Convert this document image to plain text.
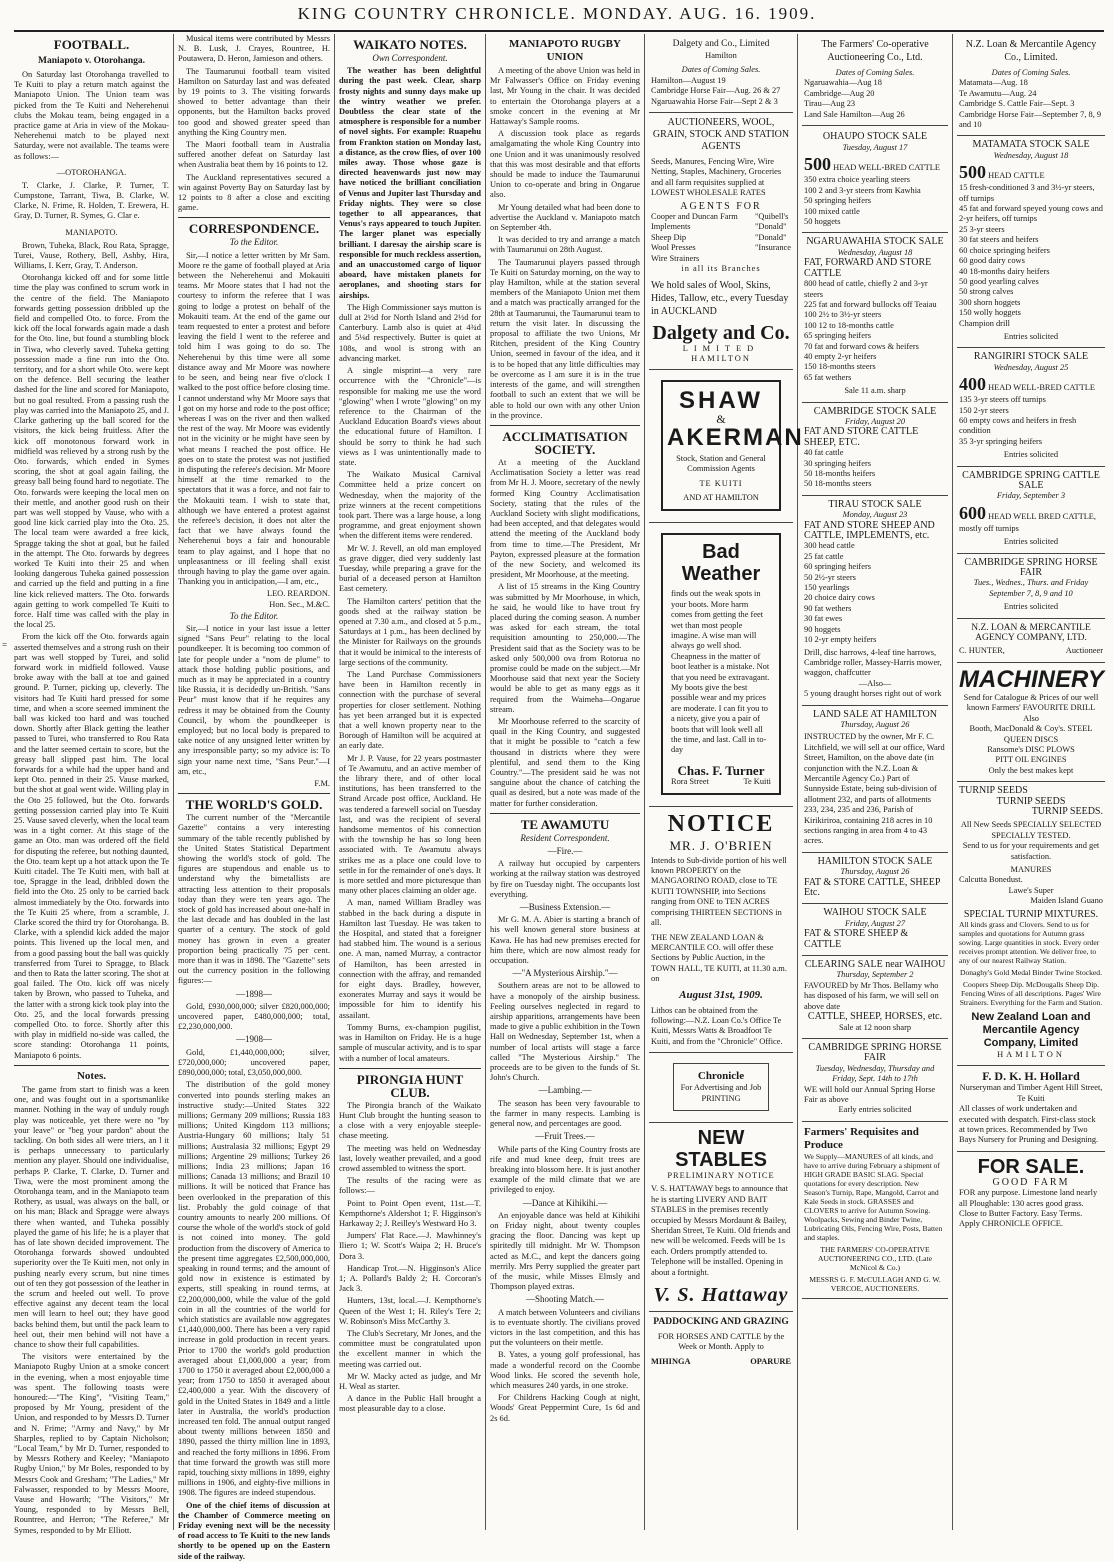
KING COUNTRY CHRONICLE. MONDAY. AUG. 16. 1909.
FOOTBALL.
Maniapoto v. Otorohanga.

On Saturday last Otorohanga travelled to Te Kuiti to play a return match against the Maniapoto Union. The Union team was picked from the Te Kuiti and Neherehenui clubs the Mokau team, being engaged in a practice game at Aria in view of the Mokau-Neherehenui match to be played next Saturday, were not available. The teams were as follows:—

—OTOROHANGA.

T. Clarke, J. Clarke, P. Turner, T. Cumpstone, Tarrant, Tiwa, B. Clarke, W. Clarke, N. Frime, R. Holden, T. Erewera, H. Gray, D. Turner, R. Symes, G. Clar e.

MANIAPOTO.

Brown, Tuheka, Black, Rou Rata, Spragge, Turei, Vause, Rothery, Bell, Ashby, Hira, Williams, I. Kerr, Gray, T. Anderson.

Otorohanga kicked off and for some little time the play was confined to scrum work in the centre of the field. The Maniapoto forwards getting possession dribbled up the field and compelled Oto. to force. From the kick off the local forwards again made a dash for the Oto. line, but found a stumbling block in Tiwa, who cleverly saved. Tuheka getting possession made a fine run into the Oto. territory, and for a short while Oto. were kept on the defence. Bell securing the leather dashed for the line and scored for Maniapoto, but no goal resulted. From a passing rush the play was carried into the Maniapoto 25, and J. Clarke gathering up the ball scored for the visitors, the kick being fruitless. After the kick off monotonous forward work in midfield was relieved by a strong rush by the Oto. forwards, which ended in Symes scoring, the shot at goal again failing, the greasy ball being found hard to negotiate. The Oto. forwards were keeping the local men on their mettle, and another good rush on their part was well stopped by Vause, who with a good line kick carried play into the Oto. 25. The local team were awarded a free kick, Spragge taking the shot at goal, but he failed in the attempt. The Oto. forwards by degrees worked Te Kuiti into their 25 and when looking dangerous Tuheka gained possession and carried up the field and putting in a fine line kick relieved matters. The Oto. forwards again getting to work compelled Te Kuiti to force. Half time was called with the play in the local 25.

From the kick off the Oto. forwards again asserted themselves and a strong rush on their part was well stopped by Turei, and solid forward work in midfield followed. Vause broke away with the ball at toe and gained ground. P. Turner, picking up, cleverly. The visitors had Te Kuiti hard pressed for some time, and when a score seemed imminent the ball was kicked too hard and was touched down. Shortly after Black getting the leather passed to Turei, who transferred to Rou Rata and the latter seemed certain to score, but the greasy ball slipped past him. The local forwards for a while had the upper hand and kept Oto. penned in their 25. Vause marked, but the shot at goal went wide. Willing play in the Oto 25 followed, but the Oto. forwards getting possession carried play into Te Kuiti 25. Vause saved cleverly, when the local team was in a tight corner. At this stage of the game an Oto. man was ordered off the field for disputing the referee, but nothing daunted, the Oto. team kept up a hot attack upon the Te Kuiti citadel. The Te Kuiti men, with ball at toe, Spragge in the lead, dribbled down the field into the Oto. 25 only to be carried back almost immediately by the Oto. forwards into the Te Kuiti 25 where, from a scramble, J. Clarke scored the third try for Otorohanga. B. Clarke, with a splendid kick added the major points. This livened up the local men, and from a good passing bout the ball was quickly transferred from Turei to Spragge, to Black and then to Rata the latter scoring. The shot at goal failed. The Oto. kick off was nicely taken by Brown, who passed to Tuheka, and the latter with a strong kick took play into the Oto. 25, and the local forwards pressing compelled Oto. to force. Shortly after this with play in midfield no-side was called, the score standing: Otorohanga 11 points, Maniapoto 6 points.

Notes.

The game from start to finish was a keen one, and was fought out in a sportsmanlike manner. Nothing in the way of unduly rough play was noticeable, yet there were no "by your leave" or "beg your pardon" about the tackling. On both sides all were triers, an l it is perhaps unnecessary to particularly mention any player. Should one individualise, perhaps P. Clarke, T. Clarke, D. Turner and Tiwa, were the most prominent among the Otorohanga team, and in the Maniapoto team Rothery, as usual, was always on the ball, or on his man; Black and Spragge were always there when wanted, and Tuheka possibly played the game of his life; he is a player that has of late shown decided improvement. The Otorohanga forwards showed undoubted superiority over the Te Kuiti men, not only in pushing nearly every scrum, but nine times out of ten they got possession of the leather in the scrum and heeled out well. To prove effective against any decent team the local men will learn to heel out; they have good backs behind them, but until the pack learn to heel out, their men behind will not have a chance to show their full capabilities.

The visitors were entertained by the Maniapoto Rugby Union at a smoke concert in the evening, when a most enjoyable time was spent. The following toasts were honoured:—"The King", "Visiting Team," proposed by Mr Young, president of the Union, and responded to by Messrs D. Turner and N. Frime; "Army and Navy," by Mr Sharples, replied to by Captain Nicholson; "Local Team," by Mr D. Turner, responded to by Messrs Rothery and Keeley; "Maniapoto Rugby Union," by Mr Boles, responded to by Messrs Cook and Gresham; "The Ladies," Mr Falwasser, responded to by Messrs Moore, Vause and Howarth; "The Visitors," Mr Young, responded to by Messrs Bell, Rountree, and Herron; "The Referee," Mr Symes, responded to by Mr Elliott.

Musical items were contributed by Messrs N. B. Lusk, J. Crayes, Rountree, H. Poutawera, D. Heron, Jamieson and others.

The Taumarunui football team visited Hamilton on Saturday last and was defeated by 19 points to 3. The visiting forwards showed to better advantage than their opponents, but the Hamilton backs proved too good and showed greater speed than anything the King Country men.

The Maori football team in Australia suffered another defeat on Saturday last when Australia beat them by 16 points to 12.

The Auckland representatives secured a win against Poverty Bay on Saturday last by 12 points to 8 after a close and exciting game.

CORRESPONDENCE.
To the Editor.

Sir,—I notice a letter written by Mr Sam. Moore re the game of football played at Aria between the Neherehenui and Mokauiti teams. Mr Moore states that I had not the courtesy to inform the referee that I was going to lodge a protest on behalf of the Mokauiti team. At the end of the game our team requested to enter a protest and before leaving the field I went to the referee and told him I was going to do so. The Neherehenui by this time were all some distance away and Mr Moore was nowhere to be seen, and being near five o'clock I walked to the post office before closing time. I cannot understand why Mr Moore says that I got on my horse and rode to the post office; whereas I was on the river and then walked the rest of the way. Mr Moore was evidently not in the vicinity or he might have seen by what means I reached the post office. He goes on to state the protest was not justified in disputing the referee's decision. Mr Moore himself at the time remarked to the spectators that it was a force, and not fair to the Mokauiti team. I wish to state that, although we have entered a protest against the referee's decision, it does not alter the fact that we have always found the Neherehenui boys a fair and honourable team to play against, and I hope that no unpleasantness or ill feeling shall exist through having to play the game over again. Thanking you in anticipation,—I am, etc.,

LEO. REARDON.
Hon. Sec., M.&C.
To the Editor.

Sir,—I notice in your last issue a letter signed "Sans Peur" relating to the local poundkeeper. It is becoming too common of late for people under a "nom de plume" to attack those holding public positions, and much as it may be appreciated in a country like Russia, it is decidedly un-British. "Sans Peur" must know that if he requires any redress it may be obtained from the County Council, by whom the poundkeeper is employed; but no local body is prepared to take notice of any unsigned letter written by any irresponsible party; so my advice is: To sign your name next time, "Sans Peur."—I am, etc.,

F.M.
THE WORLD'S GOLD.

The current number of the "Mercantile Gazette" contains a very interesting summary of the table recently published by the United States Statistical Department showing the world's stock of gold. The figures are stupendous and enable us to understand why the bimetallists are attracting less attention to their proposals today than they were ten years ago. The stock of gold has increased about one-half in the last decade and has doubled in the last quarter of a century. The stock of gold money has grown in even a greater proportion being practically 75 per cent. more than it was in 1898. The "Gazette" sets out the currency position in the following figures:—

—1898—

Gold, £930,000,000; silver £820,000,000; uncovered paper, £480,000,000; total, £2,230,000,000.

—1908—

Gold, £1,440,000,000; silver, £720,000,000; uncovered paper, £890,000,000; total, £3,050,000,000.

The distribution of the gold money converted into pounds sterling makes an instructive study:—United States 322 millions; Germany 209 millions; Russia 183 millions; United Kingdom 113 millions; Austria-Hungary 60 millions; Italy 51 millions; Australasia 32 millions; Egypt 29 millions; Argentine 29 millions; Turkey 26 millions; India 23 millions; Japan 16 millions; Canada 13 millions; and Brazil 10 millions. It will be noticed that France has been overlooked in the preparation of this list. Probably the gold coinage of that country amounts to nearly 200 millions. Of course the whole of the world's stock of gold is not coined into money. The gold production from the discovery of America to the present time aggregates £2,500,000,000, speaking in round terms; and the amount of gold now in existence is estimated by experts, still speaking in round terms, at £2,200,000,000, while the value of the gold coin in all the countries of the world for which statistics are available now aggregates £1,440,000,000. There has been a very rapid increase in gold production in recent years. Prior to 1700 the world's gold production averaged about £1,000,000 a year; from 1700 to 1750 it averaged about £2,000,000 a year; from 1750 to 1850 it averaged about £2,400,000 a year. With the discovery of gold in the United States in 1849 and a little later in Australia, the world's production increased ten fold. The annual output ranged about twenty millions between 1850 and 1890, passed the thirty million line in 1893, and reached the forty millions in 1896. From that time forward the growth was still more rapid, touching sixty millions in 1899, eighty millions in 1906, and eighty-five millions in 1908. The figures are indeed stupendous.

One of the chief items of discussion at the Chamber of Commerce meeting on Friday evening next will be the necessity of road access to Te Kuiti to the new lands shortly to be opened up on the Eastern side of the railway.

WAIKATO NOTES.
Own Correspondent.

The weather has been delightful during the past week. Clear, sharp frosty nights and sunny days make up the wintry weather we prefer. Doubtless the clear state of the atmosphere is responsible for a number of novel sights. For example: Ruapehu from Frankton station on Monday last, a distance, as the crow flies, of over 100 miles away. Those whose gaze is directed heavenwards just now may have noticed the brilliant conciliation of Venus and Jupiter last Thursday and Friday nights. They were so close together to all appearances, that Venus's rays appeared to touch Jupiter. The larger planet was especially brilliant. I daresay the airship scare is responsible for much reckless assertion, and an unaccustomed cargo of liquor aboard, have mistaken planets for aeroplanes, and shooting stars for airships.

The High Commissioner says mutton is dull at 2½d for North Island and 2½d for Canterbury. Lamb also is quiet at 4¾d and 5⅛d respectively. Butter is quiet at 108s, and wool is strong with an advancing market.

A single misprint—a very rare occurrence with the "Chronicle"—is responsible for making me use the word "glowing" when I wrote "glowing" on my reference to the Chairman of the Auckland Education Board's views about the educational future of Hamilton. I should be sorry to think he had such views as I was unintentionally made to state.

The Waikato Musical Carnival Committee held a prize concert on Wednesday, when the majority of the prize winners at the recent competitions took part. There was a large house, a long programme, and great enjoyment shown when the different items were rendered.

Mr W. J. Revell, an old man employed as grave digger, died very suddenly last Tuesday, while preparing a grave for the burial of a deceased person at Hamilton East cemetery.

The Hamilton carters' petition that the goods shed at the railway station be opened at 7.30 a.m., and closed at 5 p.m., Saturdays at 1 p.m., has been declined by the Minister for Railways on the grounds that it would be inimical to the interests of large sections of the community.

The Land Purchase Commissioners have been in Hamilton recently in connection with the purchase of several properties for closer settlement. Nothing has yet been arranged but it is expected that a well known property near to the Borough of Hamilton will be acquired at an early date.

Mr J. P. Vause, for 22 years postmaster of Te Awamutu, and an active member of the library there, and of other local institutions, has been transferred to the Strand Arcade post office, Auckland. He was tendered a farewell social on Tuesday last, and was the recipient of several handsome mementos of his connection with the township he has so long been associated with. Te Awamutu always strikes me as a place one could love to settle in for the remainder of one's days. It is more settled and more picturesque than many other places claiming an older age.

A man, named William Bradley was stabbed in the back during a dispute in Hamilton last Tuesday. He was taken to the Hospital, and stated that a foreigner had stabbed him. The wound is a serious one. A man, named Murray, a contractor of Hamilton, has been arrested in connection with the affray, and remanded for eight days. Bradley, however, exonerates Murray and says it would be impossible for him to identify his assailant.

Tommy Burns, ex-champion pugilist, was in Hamilton on Friday. He is a huge sample of muscular activity, and is to spar with a number of local amateurs.

PIRONGIA HUNT CLUB.

The Pirongia branch of the Waikato Hunt Club brought the hunting season to a close with a very enjoyable steeple-chase meeting.

The meeting was held on Wednesday last, lovely weather prevailed, and a good crowd assembled to witness the sport.

The results of the racing were as follows:—

Point to Point Open event, 11st.—T. Kempthorne's Aldershot 1; F. Higginson's Harkaway 2; J. Reilley's Westward Ho 3.

Jumpers' Flat Race.—J. Mawhinney's Iliero 1; W. Scott's Waipa 2; H. Bruce's Dora 3.

Handicap Trot.—N. Higginson's Alice 1; A. Pollard's Baldy 2; H. Corcoran's Jack 3.

Hunters, 13st, local.—J. Kempthorne's Queen of the West 1; H. Riley's Tere 2; W. Robinson's Miss McCarthy 3.

The Club's Secretary, Mr Jones, and the committee must be congratulated upon the excellent manner in which the meeting was carried out.

Mr W. Macky acted as judge, and Mr H. Weal as starter.

A dance in the Public Hall brought a most pleasurable day to a close.

MANIAPOTO RUGBY UNION

A meeting of the above Union was held in Mr Falwasser's Office on Friday evening last, Mr Young in the chair. It was decided to entertain the Otorohanga players at a smoke concert in the evening at Mr Hattaway's Sample rooms.

A discussion took place as regards amalgamating the whole King Country into one Union and it was unanimously resolved that this was most desirable and that efforts should be made to induce the Taumarunui Union to co-operate and bring in Ongarue also.

Mr Young detailed what had been done to advertise the Auckland v. Maniapoto match on September 4th.

It was decided to try and arrange a match with Taumarunui on 28th August.

The Taumarunui players passed through Te Kuiti on Saturday morning, on the way to play Hamilton, while at the station several members of the Maniapoto Union met them and a match was practically arranged for the 28th at Taumarunui, the Taumarunui team to return the visit later. In discussing the proposal to affiliate the two Unions, Mr Ritchen, president of the King Country Union, seemed in favour of the idea, and it is to be hoped that any little difficulties may be overcome as I am sure it is in the true interests of the game, and will strengthen football to such an extent that we will be able to hold our own with any other Union in the province.

ACCLIMATISATION SOCIETY.

At a meeting of the Auckland Acclimatisation Society a letter was read from Mr H. J. Moore, secretary of the newly formed King Country Acclimatisation Society, stating that the rules of the Auckland Society with slight modifications, had been accepted, and that delegates would attend the meeting of the Auckland body from time to time.—The President, Mr Payton, expressed pleasure at the formation of the new Society, and welcomed its president, Mr Moorhouse, at the meeting.

A list of 15 streams in the King Country was submitted by Mr Moorhouse, in which, he said, he would like to have trout fry placed during the coming season. A number was asked for each stream, the total requisition amounting to 250,000.—The President said that as the Society was to be asked only 500,000 ova from Rotorua no promise could be made on the subject.—Mr Moorhouse said that next year the Society would be able to get as many eggs as it required from the Waimeha—Ongarue stream.

Mr Moorhouse referred to the scarcity of quail in the King Country, and suggested that it might be possible to "catch a few thousand in districts where they were plentiful, and send them to the King Country."—The president said he was not sanguine about the chance of catching the quail as desired, but a note was made of the matter for further consideration.

TE AWAMUTU
Resident Correspondent.
—Fire.—

A railway hut occupied by carpenters working at the railway station was destroyed by fire on Tuesday night. The occupants lost everything.

—Business Extension.—

Mr G. M. A. Abier is starting a branch of his well known general store business at Kawa. He has had new premises erected for him there, which are now almost ready for occupation.

—"A Mysterious Airship."—

Southern areas are not to be allowed to have a monopoly of the airship business. Feeling ourselves neglected in regard to airship apparitions, arrangements have been made to give a public exhibition in the Town Hall on Wednesday, September 1st, when a number of local artists will stage a farce called "The Mysterious Airship." The proceeds are to be given to the funds of St. John's Church.

—Lambing.—

The season has been very favourable to the farmer in many respects. Lambing is general now, and percentages are good.

—Fruit Trees.—

While parts of the King Country frosts are rife and mud knee deep, fruit trees are breaking into blossom here. It is just another example of the mild climate that we are privileged to enjoy.

—Dance at Kihikihi.—

An enjoyable dance was held at Kihikihi on Friday night, about twenty couples gracing the floor. Dancing was kept up spiritedly till midnight. Mr W. Thompson acted as M.C., and kept the dancers going merrily. Mrs Perry supplied the greater part of the music, while Misses Elmsly and Thompson played extras.

—Shooting Match.—

A match between Volunteers and civilians is to eventuate shortly. The civilians proved victors in the last competition, and this has put the volunteers on their mettle.

B. Yates, a young golf professional, has made a wonderful record on the Coombe Wood links. He scored the seventh hole, which measures 240 yards, in one stroke.

For Childrens Hacking Cough at night, Woods' Great Peppermint Cure, 1s 6d and 2s 6d.

Dalgety and Co., Limited
Hamilton
Dates of Coming Sales.
Hamilton—August 19
Cambridge Horse Fair—Aug. 26 & 27
Ngaruawahia Horse Fair—Sept 2 & 3
AUCTIONEERS, WOOL, GRAIN, STOCK AND STATION AGENTS
Seeds, Manures, Fencing Wire, Wire Netting, Staples, Machinery, Groceries and all farm requisites supplied at LOWEST WHOLESALE RATES
AGENTS FOR
Cooper and Duncan Farm Implements
Sheep Dip
Wool Presses
Wire Strainers
"Quibell's
"Donald"
"Donald"
"Insurance
in all its Branches
We hold sales of Wool, Skins, Hides, Tallow, etc., every Tuesday in AUCKLAND
Dalgety and Co.
LIMITED
HAMILTON
SHAW
&
AKERMAN
Stock, Station and General Commission Agents
TE KUITI
AND AT HAMILTON
Bad Weather
finds out the weak spots in your boots. More harm comes from getting the feet wet than most people imagine. A wise man will always go well shod. Cheapness in the matter of boot leather is a mistake. Not that you need be extravagant. My boots give the best possible wear and my prices are moderate. I can fit you to a nicety, give you a pair of boots that will look well all the time, and last. Call in to-day
Chas. F. Turner
Rora Street	Te Kuiti
NOTICE
MR. J. O'BRIEN
Intends to Sub-divide portion of his well known PROPERTY on the MANGAORINO ROAD, close to TE KUITI TOWNSHIP, into Sections ranging from ONE to TEN ACRES comprising THIRTEEN SECTIONS in all.
THE NEW ZEALAND LOAN & MERCANTILE CO. will offer these Sections by Public Auction, in the TOWN HALL, TE KUITI, at 11.30 a.m. on
August 31st, 1909.
Lithos can be obtained from the following:—N.Z. Loan Co.'s Office Te Kuiti, Messrs Watts & Broadfoot Te Kuiti, and from the "Chronicle" Office.
Chronicle
For Advertising and Job PRINTING
NEW STABLES
PRELIMINARY NOTICE
V. S. HATTAWAY begs to announce that he is starting LIVERY AND BAIT STABLES in the premises recently occupied by Messrs Mordaunt & Bailey, Sheridan Street, Te Kuiti. Old friends and new will be welcomed. Feeds will be 1s each. Orders promptly attended to. Telephone will be installed. Opening in about a fortnight.
V. S. Hattaway
PADDOCKING AND GRAZING
FOR HORSES AND CATTLE by the Week or Month. Apply to
MIHINGA	OPARURE
The Farmers' Co-operative Auctioneering Co., Ltd.
Dates of Coming Sales.
Ngaruawahia—Aug 18
Cambridge—Aug 20
Tirau—Aug 23
Land Sale Hamilton—Aug 26
OHAUPO STOCK SALE
Tuesday, August 17
500 HEAD WELL-BRED CATTLE
350 extra choice yearling steers
100 2 and 3-yr steers from Kawhia
50 springing heifers
100 mixed cattle
50 hoggets
NGARUAWAHIA STOCK SALE
Wednesday, August 18
FAT, FORWARD AND STORE CATTLE
800 head of cattle, chiefly 2 and 3-yr steers
225 fat and forward bullocks off Teaiau
100 2½ to 3½-yr steers
100 12 to 18-months cattle
65 springing heifers
70 fat and forward cows & heifers
40 empty 2-yr heifers
150 18-months steers
65 fat wethers
Sale 11 a.m. sharp
CAMBRIDGE STOCK SALE
Friday, August 20
FAT AND STORE CATTLE SHEEP, ETC.
40 fat cattle
30 springing heifers
50 18-months heifers
50 18-months steers
TIRAU STOCK SALE
Monday, August 23
FAT AND STORE SHEEP AND CATTLE, IMPLEMENTS, etc.
300 head cattle
25 fat cattle
60 springing heifers
50 2½-yr steers
150 yearlings
20 choice dairy cows
90 fat wethers
30 fat ewes
90 hoggets
10 2-yr empty heifers
Drill, disc harrows, 4-leaf tine harrows, Cambridge roller, Massey-Harris mower, waggon, chaffcutter
—Also—
5 young draught horses right out of work
LAND SALE AT HAMILTON
Thursday, August 26
INSTRUCTED by the owner, Mr F. C. Litchfield, we will sell at our office, Ward Street, Hamilton, on the above date (in conjunction with the N.Z. Loan & Mercantile Agency Co.) Part of Sunnyside Estate, being sub-division of allotment 232, and parts of allotments 233, 234, 235 and 236, Parish of Kirikiriroa, containing 218 acres in 10 sections ranging in area from 4 to 43 acres.
HAMILTON STOCK SALE
Thursday, August 26
FAT & STORE CATTLE, SHEEP Etc.
WAIHOU STOCK SALE
Friday, August 27
FAT & STORE SHEEP & CATTLE
CLEARING SALE near WAIHOU
Thursday, September 2
FAVOURED by Mr Thos. Bellamy who has disposed of his farm, we will sell on above date
CATTLE, SHEEP, HORSES, etc.
Sale at 12 noon sharp
CAMBRIDGE SPRING HORSE FAIR
Tuesday, Wednesday, Thursday and Friday, Sept. 14th to 17th
WE will hold our Annual Spring Horse Fair as above
Early entries solicited
Farmers' Requisites and Produce
We Supply—MANURES of all kinds, and have to arrive during February a shipment of HIGH GRADE BASIC SLAG. Special quotations for every description. New Season's Turnip, Rape, Mangold, Carrot and Kale Seeds in stock. GRASSES and CLOVERS to arrive for Autumn Sowing. Woolpacks, Sewing and Binder Twine, Lubricating Oils, Fencing Wire, Posts, Batten and staples.
THE FARMERS' CO-OPERATIVE AUCTIONEERING CO., LTD. (Late McNicol & Co.)
MESSRS G. F. McCULLAGH AND G. W. VERCOE, AUCTIONEERS.
N.Z. Loan & Mercantile Agency Co., Limited.
Dates of Coming Sales.
Matamata—Aug. 18
Te Awamutu—Aug. 24
Cambridge S. Cattle Fair—Sept. 3
Cambridge Horse Fair—September 7, 8, 9 and 10
MATAMATA STOCK SALE
Wednesday, August 18
500 HEAD CATTLE
15 fresh-conditioned 3 and 3½-yr steers, off turnips
45 fat and forward speyed young cows and 2-yr heifers, off turnips
25 3-yr steers
30 fat steers and heifers
60 choice springing heifers
60 good dairy cows
40 18-months dairy heifers
50 good yearling calves
50 strong calves
300 shorn hoggets
150 wolly hoggets
Champion drill
Entries solicited
RANGIRIRI STOCK SALE
Wednesday, August 25
400 HEAD WELL-BRED CATTLE
135 3-yr steers off turnips
150 2-yr steers
60 empty cows and heifers in fresh condition
35 3-yr springing heifers
Entries solicited
CAMBRIDGE SPRING CATTLE SALE
Friday, September 3
600 HEAD WELL BRED CATTLE, mostly off turnips
Entries solicited
CAMBRIDGE SPRING HORSE FAIR
Tues., Wednes., Thurs. and Friday September 7, 8, 9 and 10
Entries solicited
N.Z. LOAN & MERCANTILE AGENCY COMPANY, LTD.
C. HUNTER,	Auctioneer
MACHINERY
Send for Catalogue & Prices of our well known Farmers' FAVOURITE DRILL
Also
Booth, MacDonald & Coy's. STEEL QUEEN DISCS
Ransome's DISC PLOWS
PITT OIL ENGINES
Only the best makes kept
TURNIP SEEDS
TURNIP SEEDS
TURNIP SEEDS.
All New Seeds SPECIALLY SELECTED SPECIALLY TESTED.
Send to us for your requirements and get satisfaction.
MANURES
Calcutta Bonedust.
Lawe's Super
Maiden Island Guano
SPECIAL TURNIP MIXTURES.
All kinds grass and Clovers. Send to us for samples and quotations for Autumn grass sowing. Large quantities in stock. Every order receives prompt attention. We deliver free, to any of our nearest Railway Station.
Donaghy's Gold Medal Binder Twine Stocked.
Coopers Sheep Dip. McDougalls Sheep Dip. Fencing Wires of all descriptions. Pages' Wire Strainers. Everything for the Farm and Station.
New Zealand Loan and Mercantile Agency Company, Limited
HAMILTON
F. D. K. H. Hollard
Nurseryman and Timber Agent Hill Street, Te Kuiti
All classes of work undertaken and executed with despatch. First-class stock at town prices. Recommended by Two Bays Nursery for Pruning and Designing.
FOR SALE.
GOOD FARM
FOR any purpose. Limestone land nearly all Ploughable: 130 acres good grass. Close to Butter Factory. Easy Terms. Apply CHRONICLE OFFICE.
=
